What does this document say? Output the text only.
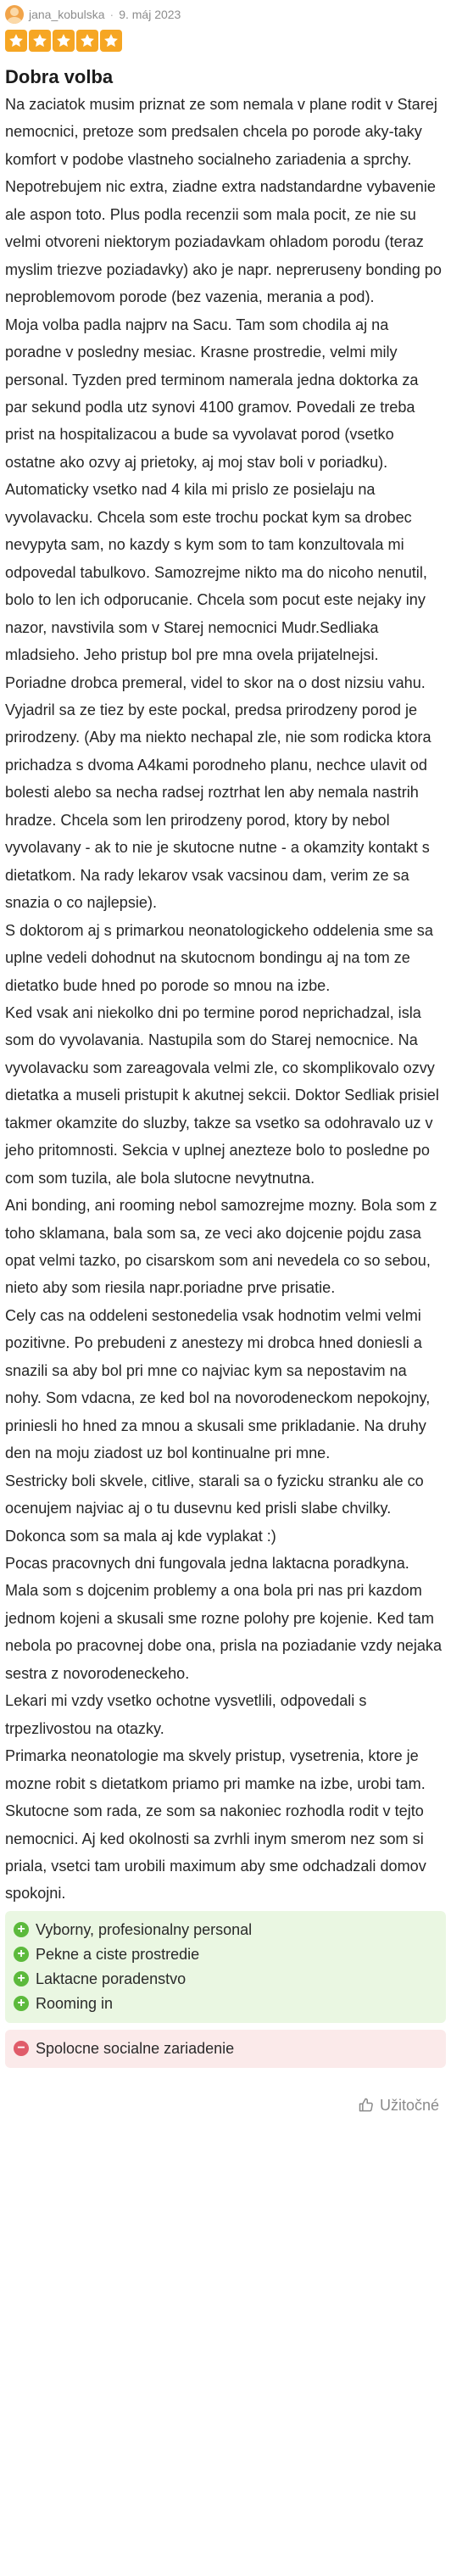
jana_kobulska · 9. máj 2023
Dobra volba

Na zaciatok musim priznat ze som nemala v plane rodit v Starej nemocnici, pretoze som predsalen chcela po porode aky-taky komfort v podobe vlastneho socialneho zariadenia a sprchy. Nepotrebujem nic extra, ziadne extra nadstandardne vybavenie ale aspon toto. Plus podla recenzii som mala pocit, ze nie su velmi otvoreni niektorym poziadavkam ohladom porodu (teraz myslim triezve poziadavky) ako je napr. nepreruseny bonding po neproblemovom porode (bez vazenia, merania a pod).

Moja volba padla najprv na Sacu. Tam som chodila aj na poradne v posledny mesiac. Krasne prostredie, velmi mily personal. Tyzden pred terminom namerala jedna doktorka za par sekund podla utz synovi 4100 gramov. Povedali ze treba prist na hospitalizacou a bude sa vyvolavat porod (vsetko ostatne ako ozvy aj prietoky, aj moj stav boli v poriadku). Automaticky vsetko nad 4 kila mi prislo ze posielaju na vyvolavacku. Chcela som este trochu pockat kym sa drobec nevypyta sam, no kazdy s kym som to tam konzultovala mi odpovedal tabulkovo. Samozrejme nikto ma do nicoho nenutil, bolo to len ich odporucanie. Chcela som pocut este nejaky iny nazor, navstivila som v Starej nemocnici Mudr.Sedliaka mladsieho. Jeho pristup bol pre mna ovela prijatelnejsi. Poriadne drobca premeral, videl to skor na o dost nizsiu vahu. Vyjadril sa ze tiez by este pockal, predsa prirodzeny porod je prirodzeny. (Aby ma niekto nechapal zle, nie som rodicka ktora prichadza s dvoma A4kami porodneho planu, nechce ulavit od bolesti alebo sa necha radsej roztrhat len aby nemala nastrih hradze. Chcela som len prirodzeny porod, ktory by nebol vyvolavany - ak to nie je skutocne nutne - a okamzity kontakt s dietatkom. Na rady lekarov vsak vacsinou dam, verim ze sa snazia o co najlepsie).

S doktorom aj s primarkou neonatologickeho oddelenia sme sa uplne vedeli dohodnut na skutocnom bondingu aj na tom ze dietatko bude hned po porode so mnou na izbe.

Ked vsak ani niekolko dni po termine porod neprichadzal, isla som do vyvolavania. Nastupila som do Starej nemocnice. Na vyvolavacku som zareagovala velmi zle, co skomplikovalo ozvy dietatka a museli pristupit k akutnej sekcii. Doktor Sedliak prisiel takmer okamzite do sluzby, takze sa vsetko sa odohravalo uz v jeho pritomnosti. Sekcia v uplnej anezteze bolo to posledne po com som tuzila, ale bola slutocne nevytnutna.

Ani bonding, ani rooming nebol samozrejme mozny. Bola som z toho sklamana, bala som sa, ze veci ako dojcenie pojdu zasa opat velmi tazko, po cisarskom som ani nevedela co so sebou, nieto aby som riesila napr.poriadne prve prisatie.

Cely cas na oddeleni sestonedelia vsak hodnotim velmi velmi pozitivne. Po prebudeni z anestezy mi drobca hned doniesli a snazili sa aby bol pri mne co najviac kym sa nepostavim na nohy. Som vdacna, ze ked bol na novorodeneckom nepokojny, priniesli ho hned za mnou a skusali sme prikladanie. Na druhy den na moju ziadost uz bol kontinualne pri mne.

Sestricky boli skvele, citlive, starali sa o fyzicku stranku ale co ocenujem najviac aj o tu dusevnu ked prisli slabe chvilky. Dokonca som sa mala aj kde vyplakat :)

Pocas pracovnych dni fungovala jedna laktacna poradkyna. Mala som s dojcenim problemy a ona bola pri nas pri kazdom jednom kojeni a skusali sme rozne polohy pre kojenie. Ked tam nebola po pracovnej dobe ona, prisla na poziadanie vzdy nejaka sestra z novorodeneckeho.

Lekari mi vzdy vsetko ochotne vysvetlili, odpovedali s trpezlivostou na otazky.

Primarka neonatologie ma skvely pristup, vysetrenia, ktore je mozne robit s dietatkom priamo pri mamke na izbe, urobi tam.

Skutocne som rada, ze som sa nakoniec rozhodla rodit v tejto nemocnici. Aj ked okolnosti sa zvrhli inym smerom nez som si priala, vsetci tam urobili maximum aby sme odchadzali domov spokojni.

+ Vyborny, profesionalny personal
+ Pekne a ciste prostredie
+ Laktacne poradenstvo
+ Rooming in
− Spolocne socialne zariadenie
Užitočné
